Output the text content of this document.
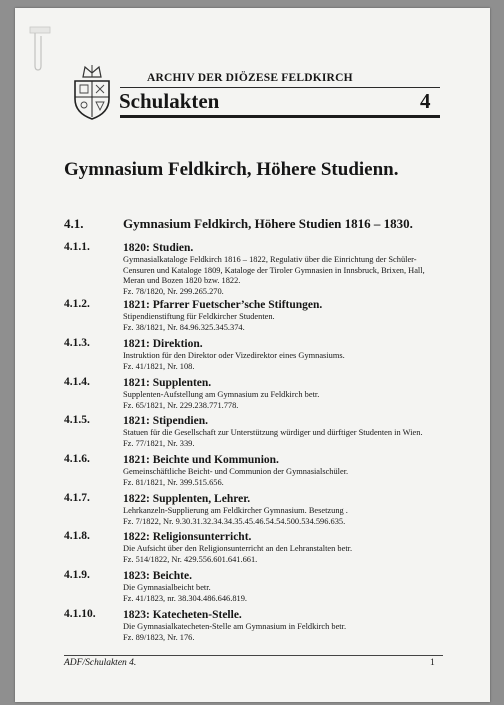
ARCHIV DER DIÖZESE FELDKIRCH
Schulakten	4
Gymnasium Feldkirch, Höhere Studienn.
4.1.	Gymnasium Feldkirch, Höhere Studien 1816 – 1830.
4.1.1.	1820: Studien.
Gymnasialkataloge Feldkirch 1816 – 1822, Regulativ über die Einrichtung der Schüler-
Censuren und Kataloge 1809, Kataloge der Tiroler Gymnasien in Innsbruck, Brixen, Hall,
Meran und Bozen 1820 bzw. 1822.
Fz. 78/1820, Nr. 299.265.270.
4.1.2.	1821: Pfarrer Fuetscher’sche Stiftungen.
Stipendienstiftung für Feldkircher Studenten.
Fz. 38/1821, Nr. 84.96.325.345.374.
4.1.3.	1821: Direktion.
Instruktion für den Direktor oder Vizedirektor eines Gymnasiums.
Fz. 41/1821, Nr. 108.
4.1.4.	1821: Supplenten.
Supplenten-Aufstellung am Gymnasium zu Feldkirch betr.
Fz. 65/1821, Nr. 229.238.771.778.
4.1.5.	1821: Stipendien.
Statuen für die Gesellschaft zur Unterstützung würdiger und dürftiger Studenten in Wien.
Fz. 77/1821, Nr. 339.
4.1.6.	1821: Beichte und Kommunion.
Gemeinschäftliche Beicht- und Communion der Gymnasialschüler.
Fz. 81/1821, Nr. 399.515.656.
4.1.7.	1822: Supplenten, Lehrer.
Lehrkanzeln-Supplierung am Feldkircher Gymnasium. Besetzung .
Fz. 7/1822, Nr. 9.30.31.32.34.34.35.45.46.54.54.500.534.596.635.
4.1.8.	1822: Religionsunterricht.
Die Aufsicht über den Religionsunterricht an den Lehranstalten betr.
Fz. 514/1822, Nr. 429.556.601.641.661.
4.1.9.	1823: Beichte.
Die Gymnasialbeicht betr.
Fz. 41/1823, nr. 38.304.486.646.819.
4.1.10. 1823: Katecheten-Stelle.
Die Gymnasialkatecheten-Stelle am Gymnasium in Feldkirch betr.
Fz. 89/1823, Nr. 176.
ADF/Schulakten 4.	1
